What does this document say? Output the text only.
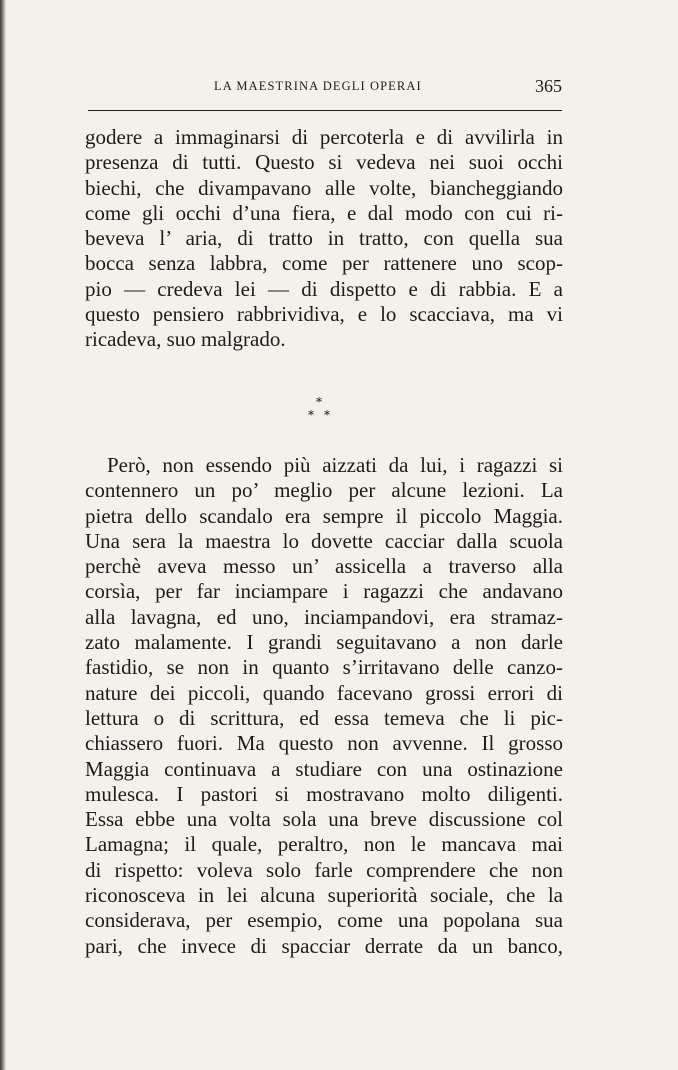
LA MAESTRINA DEGLI OPERAI	365
godere a immaginarsi di percoterla e di avvilirla in
presenza di tutti. Questo si vedeva nei suoi occhi
biechi, che divampavano alle volte, biancheggiando
come gli occhi d’una fiera, e dal modo con cui ri-
beveva l’ aria, di tratto in tratto, con quella sua
bocca senza labbra, come per rattenere uno scop-
pio — credeva lei — di dispetto e di rabbia. E a
questo pensiero rabbrividiva, e lo scacciava, ma vi
ricadeva, suo malgrado.
*
* *
Però, non essendo più aizzati da lui, i ragazzi si
contennero un po’ meglio per alcune lezioni. La
pietra dello scandalo era sempre il piccolo Maggia.
Una sera la maestra lo dovette cacciar dalla scuola
perchè aveva messo un’ assicella a traverso alla
corsìa, per far inciampare i ragazzi che andavano
alla lavagna, ed uno, inciampandovi, era stramaz-
zato malamente. I grandi seguitavano a non darle
fastidio, se non in quanto s’irritavano delle canzo-
nature dei piccoli, quando facevano grossi errori di
lettura o di scrittura, ed essa temeva che li pic-
chiassero fuori. Ma questo non avvenne. Il grosso
Maggia continuava a studiare con una ostinazione
mulesca. I pastori si mostravano molto diligenti.
Essa ebbe una volta sola una breve discussione col
Lamagna; il quale, peraltro, non le mancava mai
di rispetto: voleva solo farle comprendere che non
riconosceva in lei alcuna superiorità sociale, che la
considerava, per esempio, come una popolana sua
pari, che invece di spacciar derrate da un banco,
